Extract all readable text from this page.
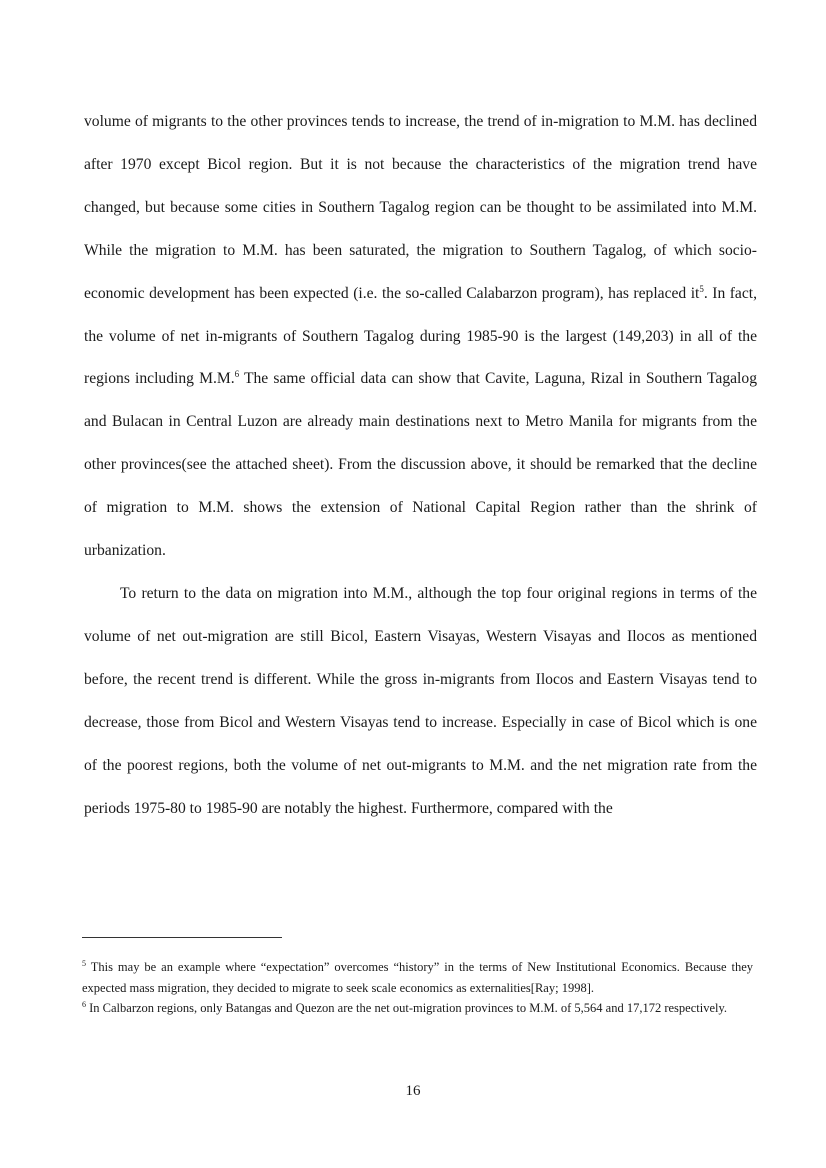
volume of migrants to the other provinces tends to increase, the trend of in-migration to M.M. has declined after 1970 except Bicol region. But it is not because the characteristics of the migration trend have changed, but because some cities in Southern Tagalog region can be thought to be assimilated into M.M. While the migration to M.M. has been saturated, the migration to Southern Tagalog, of which socio-economic development has been expected (i.e. the so-called Calabarzon program), has replaced $it^5$. In fact, the volume of net in-migrants of Southern Tagalog during 1985-90 is the largest (149,203) in all of the regions including M.M.$^6$ The same official data can show that Cavite, Laguna, Rizal in Southern Tagalog and Bulacan in Central Luzon are already main destinations next to Metro Manila for migrants from the other provinces(see the attached sheet). From the discussion above, it should be remarked that the decline of migration to M.M. shows the extension of National Capital Region rather than the shrink of urbanization.

To return to the data on migration into M.M., although the top four original regions in terms of the volume of net out-migration are still Bicol, Eastern Visayas, Western Visayas and Ilocos as mentioned before, the recent trend is different. While the gross in-migrants from Ilocos and Eastern Visayas tend to decrease, those from Bicol and Western Visayas tend to increase. Especially in case of Bicol which is one of the poorest regions, both the volume of net out-migrants to M.M. and the net migration rate from the periods 1975-80 to 1985-90 are notably the highest. Furthermore, compared with the

$^5$ This may be an example where “expectation” overcomes “history” in the terms of New Institutional Economics. Because they expected mass migration, they decided to migrate to seek scale economics as externalities[Ray; 1998].

$^6$ In Calbarzon regions, only Batangas and Quezon are the net out-migration provinces to M.M. of 5,564 and 17,172 respectively.

16
